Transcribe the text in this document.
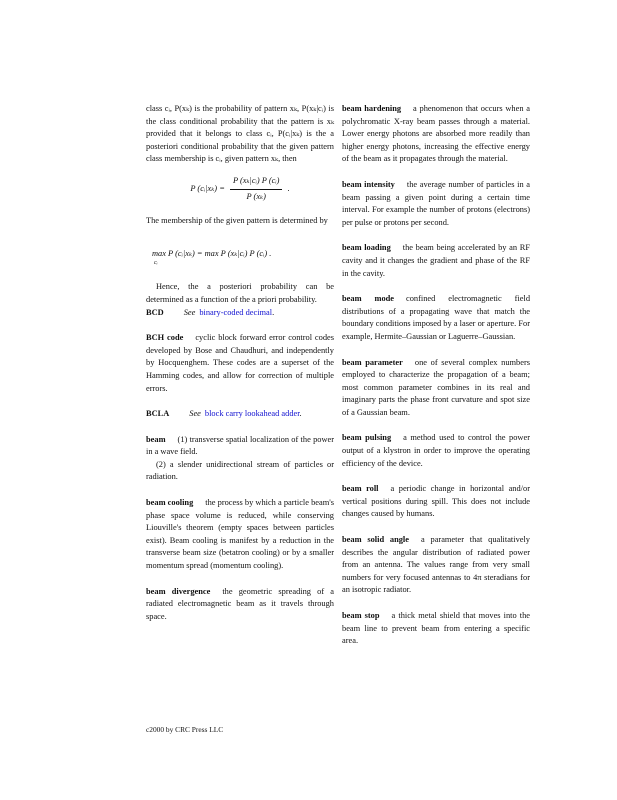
class cᵢ, P(xₖ) is the probability of pattern xₖ, P(xₖ|cᵢ) is the class conditional probability that the pattern is xₖ provided that it belongs to class cᵢ, P(cᵢ|xₖ) is the a posteriori conditional probability that the given pattern class membership is cᵢ, given pattern xₖ, then

P (cᵢ|xₖ) = $\frac{\text{P (xₖ|cᵢ) P (cᵢ)}}{\text{P (xₖ)}}$ .

The membership of the given pattern is determined by

max P (cᵢ|xₖ) = max P (xₖ|cᵢ) P (cᵢ) .
cᵢ

Hence, the a posteriori probability can be determined as a function of the a priori probability.

BCD See binary-coded decimal.
BCH code cyclic block forward error control codes developed by Bose and Chaudhuri, and independently by Hocquenghem. These codes are a superset of the Hamming codes, and allow for correction of multiple errors.
BCLA See block carry lookahead adder.
beam (1) transverse spatial localization of the power in a wave field.
(2) a slender unidirectional stream of particles or radiation.
beam cooling the process by which a particle beam's phase space volume is reduced, while conserving Liouville's theorem (empty spaces between particles exist). Beam cooling is manifest by a reduction in the transverse beam size (betatron cooling) or by a smaller momentum spread (momentum cooling).
beam divergence the geometric spreading of a radiated electromagnetic beam as it travels through space.
beam hardening a phenomenon that occurs when a polychromatic X-ray beam passes through a material. Lower energy photons are absorbed more readily than higher energy photons, increasing the effective energy of the beam as it propagates through the material.
beam intensity the average number of particles in a beam passing a given point during a certain time interval. For example the number of protons (electrons) per pulse or protons per second.
beam loading the beam being accelerated by an RF cavity and it changes the gradient and phase of the RF in the cavity.
beam mode confined electromagnetic field distributions of a propagating wave that match the boundary conditions imposed by a laser or aperture. For example, Hermite–Gaussian or Laguerre–Gaussian.
beam parameter one of several complex numbers employed to characterize the propagation of a beam; most common parameter combines in its real and imaginary parts the phase front curvature and spot size of a Gaussian beam.
beam pulsing a method used to control the power output of a klystron in order to improve the operating efficiency of the device.
beam roll a periodic change in horizontal and/or vertical positions during spill. This does not include changes caused by humans.
beam solid angle a parameter that qualitatively describes the angular distribution of radiated power from an antenna. The values range from very small numbers for very focused antennas to 4π steradians for an isotropic radiator.
beam stop a thick metal shield that moves into the beam line to prevent beam from entering a specific area.
c2000 by CRC Press LLC
